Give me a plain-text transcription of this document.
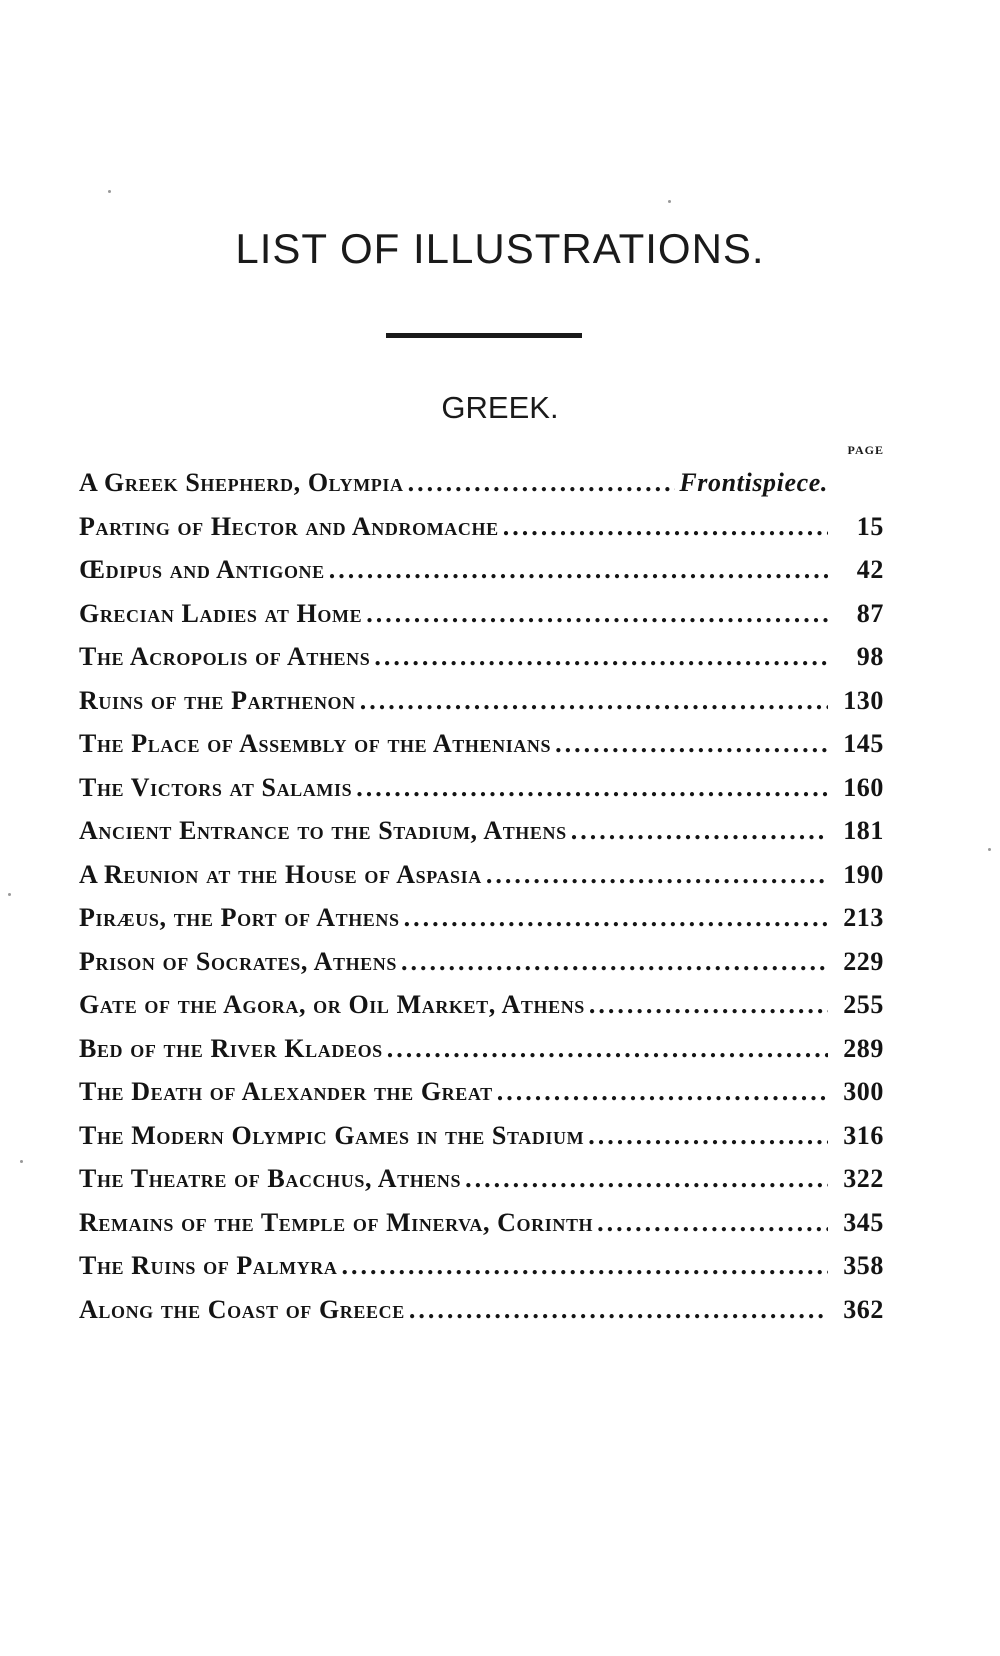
LIST OF ILLUSTRATIONS.
GREEK.
PAGE
A Greek Shepherd, Olympia .....	Frontispiece.
Parting of Hector and Andromache .....	15
Œdipus and Antigone .....	42
Grecian Ladies at Home .....	87
The Acropolis of Athens .....	98
Ruins of the Parthenon .....	130
The Place of Assembly of the Athenians .....	145
The Victors at Salamis .....	160
Ancient Entrance to the Stadium, Athens .....	181
A Reunion at the House of Aspasia .....	190
Piræus, the Port of Athens .....	213
Prison of Socrates, Athens .....	229
Gate of the Agora, or Oil Market, Athens .....	255
Bed of the River Kladeos .....	289
The Death of Alexander the Great .....	300
The Modern Olympic Games in the Stadium .....	316
The Theatre of Bacchus, Athens .....	322
Remains of the Temple of Minerva, Corinth .....	345
The Ruins of Palmyra .....	358
Along the Coast of Greece .....	362
